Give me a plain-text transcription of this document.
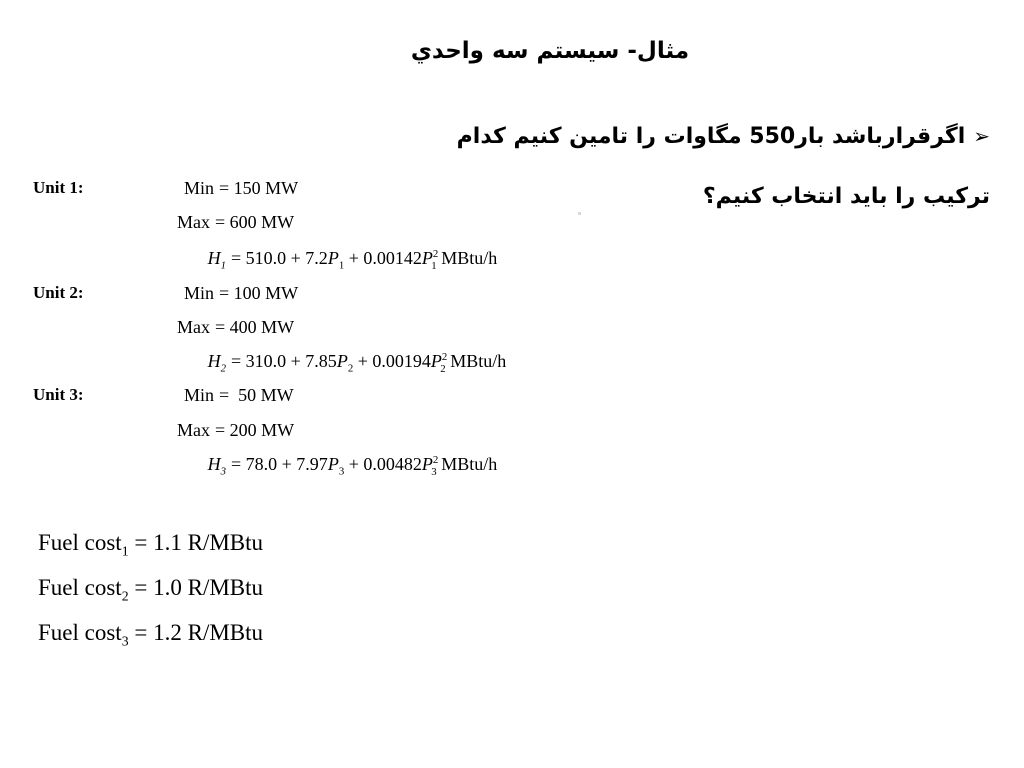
مثال- سيستم سه واحدي
➢اگرقرارباشد بار550 مگاوات را تامین کنیم کدام ترکیب را باید انتخاب کنیم؟
Unit 1:	Min = 150 MW
Max = 600 MW
$H_1 = 510.0 + 7.2P_1 + 0.00142P^2_1$ MBtu/h
Unit 2:	Min = 100 MW
Max = 400 MW
$H_2 = 310.0 + 7.85P_2 + 0.00194P^2_2$ MBtu/h
Unit 3:	Min =  50 MW
Max = 200 MW
$H_3 = 78.0 + 7.97P_3 + 0.00482P^2_3$ MBtu/h
Fuel cost$_1$ = 1.1 R/MBtu
Fuel cost$_2$ = 1.0 R/MBtu
Fuel cost$_3$ = 1.2 R/MBtu
